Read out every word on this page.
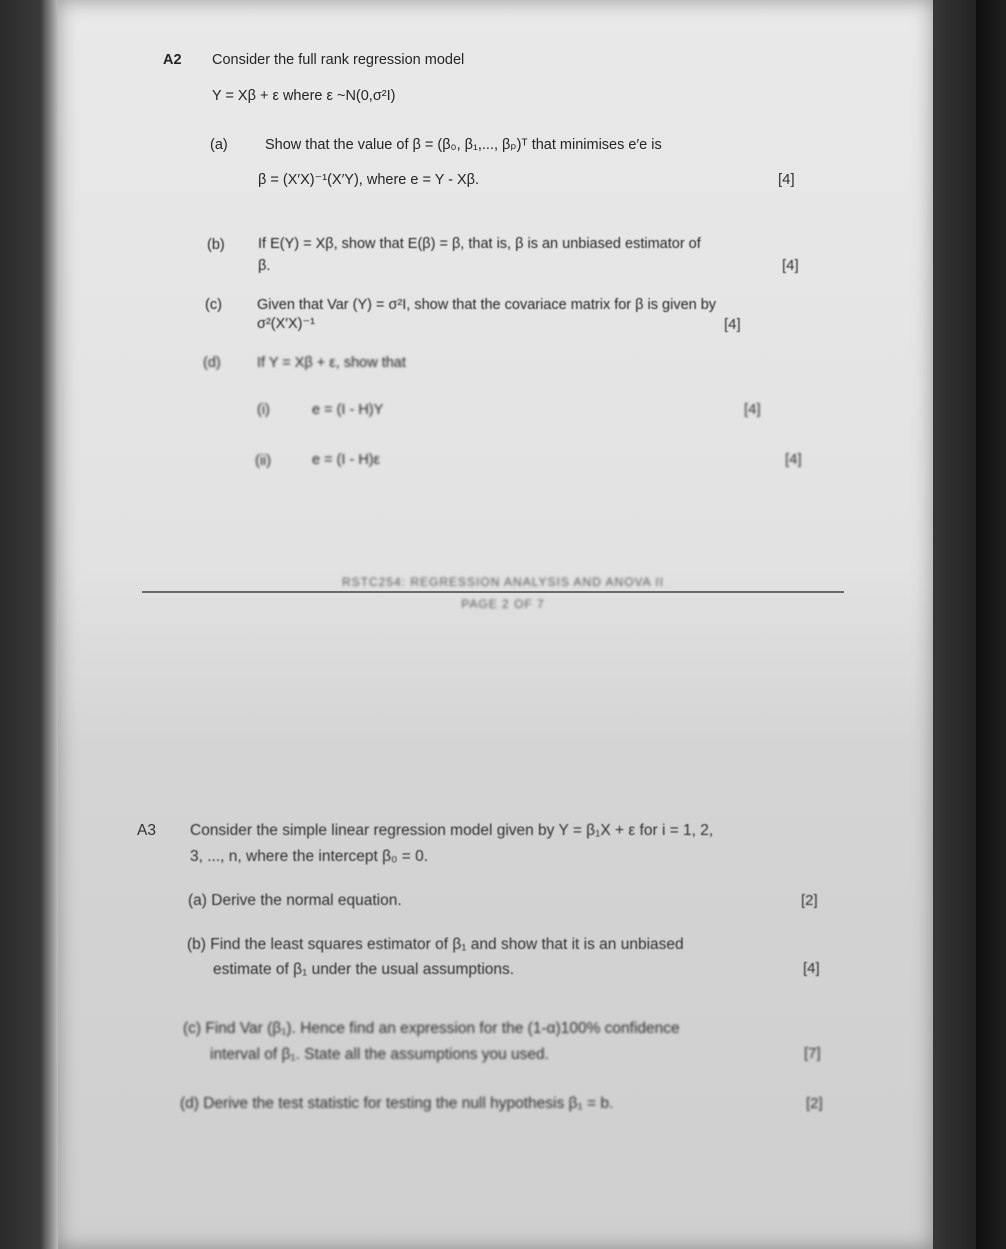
A2 Consider the full rank regression model
Y = Xβ + ε where ε ~N(0,σ²I)
(a)	Show that the value of β = (β₀, β₁,..., βₚ)ᵀ that minimises e′e is
β = (X′X)⁻¹(X′Y), where e = Y - Xβ.	[4]
(b) If E(Y) = Xβ, show that E(β) = β, that is, β is an unbiased estimator of
β.	[4]
(c) Given that Var (Y) = σ²I, show that the covariace matrix for β is given by
σ²(X′X)⁻¹	[4]
(d)	If Y = Xβ + ε, show that
(i)	e = (I - H)Y	[4]
(ii)	e = (I - H)ε	[4]
RSTC254: REGRESSION ANALYSIS AND ANOVA II
PAGE 2 OF 7
A3 Consider the simple linear regression model given by Y = β₁X + ε for i = 1, 2,
3, ..., n, where the intercept β₀ = 0.
(a) Derive the normal equation.	[2]
(b) Find the least squares estimator of β₁ and show that it is an unbiased
estimate of β₁ under the usual assumptions.	[4]
(c) Find Var (β₁). Hence find an expression for the (1-α)100% confidence
interval of β₁. State all the assumptions you used.	[7]
(d) Derive the test statistic for testing the null hypothesis β₁ = b.	[2]
